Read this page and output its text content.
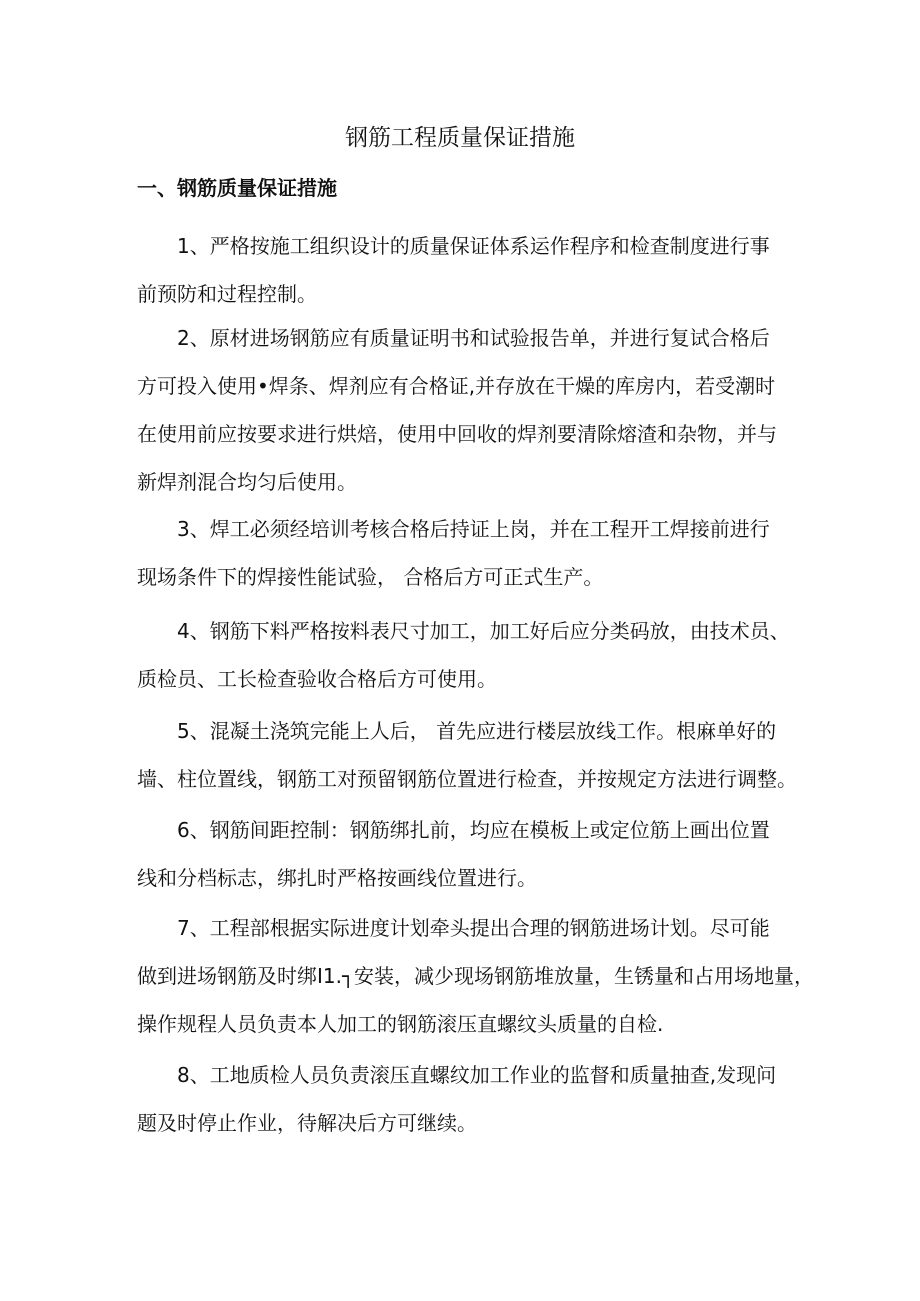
钢筋工程质量保证措施
一、钢筋质量保证措施
1、严格按施工组织设计的质量保证体系运作程序和检查制度进行事
前预防和过程控制。
2、原材进场钢筋应有质量证明书和试验报告单，并进行复试合格后
方可投入使用•焊条、焊剂应有合格证,并存放在干燥的库房内，若受潮时
在使用前应按要求进行烘焙，使用中回收的焊剂要清除熔渣和杂物，并与
新焊剂混合均匀后使用。
3、焊工必须经培训考核合格后持证上岗，并在工程开工焊接前进行
现场条件下的焊接性能试验， 合格后方可正式生产。
4、钢筋下料严格按料表尺寸加工，加工好后应分类码放，由技术员、
质检员、工长检查验收合格后方可使用。
5、混凝土浇筑完能上人后， 首先应进行楼层放线工作。根麻单好的
墙、柱位置线，钢筋工对预留钢筋位置进行检查，并按规定方法进行调整。
6、钢筋间距控制：钢筋绑扎前，均应在模板上或定位筋上画出位置
线和分档标志，绑扎时严格按画线位置进行。
7、工程部根据实际进度计划牵头提出合理的钢筋进场计划。尽可能
做到进场钢筋及时绑I1.┐安装，减少现场钢筋堆放量，生锈量和占用场地量，
操作规程人员负责本人加工的钢筋滚压直螺纹头质量的自检.
8、工地质检人员负责滚压直螺纹加工作业的监督和质量抽查,发现问
题及时停止作业，待解决后方可继续。
